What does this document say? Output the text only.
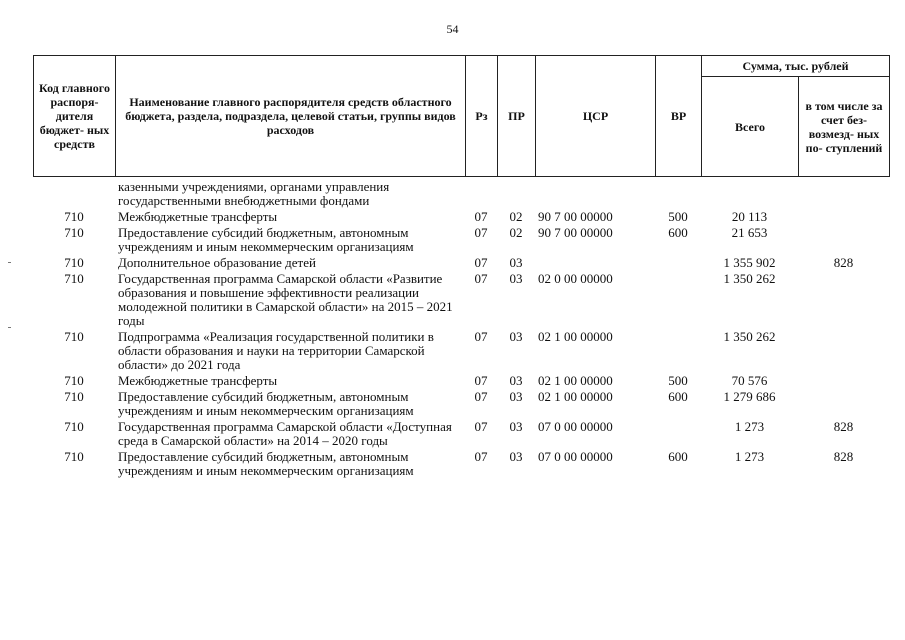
54
Код главного распоря- дителя бюджет- ных средств	Наименование главного распорядителя средств областного бюджета, раздела, подраздела, целевой статьи, группы видов расходов	Рз	ПР	ЦСР	ВР	Сумма, тыс. рублей	
						Всего	в том числе за счет без- возмезд- ных по- ступлений
	казенными учреждениями, органами управления государственными внебюджетными фондами						
710	Межбюджетные трансферты	07	02	90 7 00 00000	500	20 113	
710	Предоставление субсидий бюджетным, автономным учреждениям и иным некоммерческим организациям	07	02	90 7 00 00000	600	21 653	
710	Дополнительное образование детей	07	03			1 355 902	828
710	Государственная программа Самарской области «Развитие образования и повышение эффективности реализации молодежной политики в Самарской области» на 2015 – 2021 годы	07	03	02 0 00 00000		1 350 262	
710	Подпрограмма «Реализация государственной политики в области образования и науки на территории Самарской области» до 2021 года	07	03	02 1 00 00000		1 350 262	
710	Межбюджетные трансферты	07	03	02 1 00 00000	500	70 576	
710	Предоставление субсидий бюджетным, автономным учреждениям и иным некоммерческим организациям	07	03	02 1 00 00000	600	1 279 686	
710	Государственная программа Самарской области «Доступная среда в Самарской области» на 2014 – 2020 годы	07	03	07 0 00 00000		1 273	828
710	Предоставление субсидий бюджетным, автономным учреждениям и иным некоммерческим организациям	07	03	07 0 00 00000	600	1 273	828
